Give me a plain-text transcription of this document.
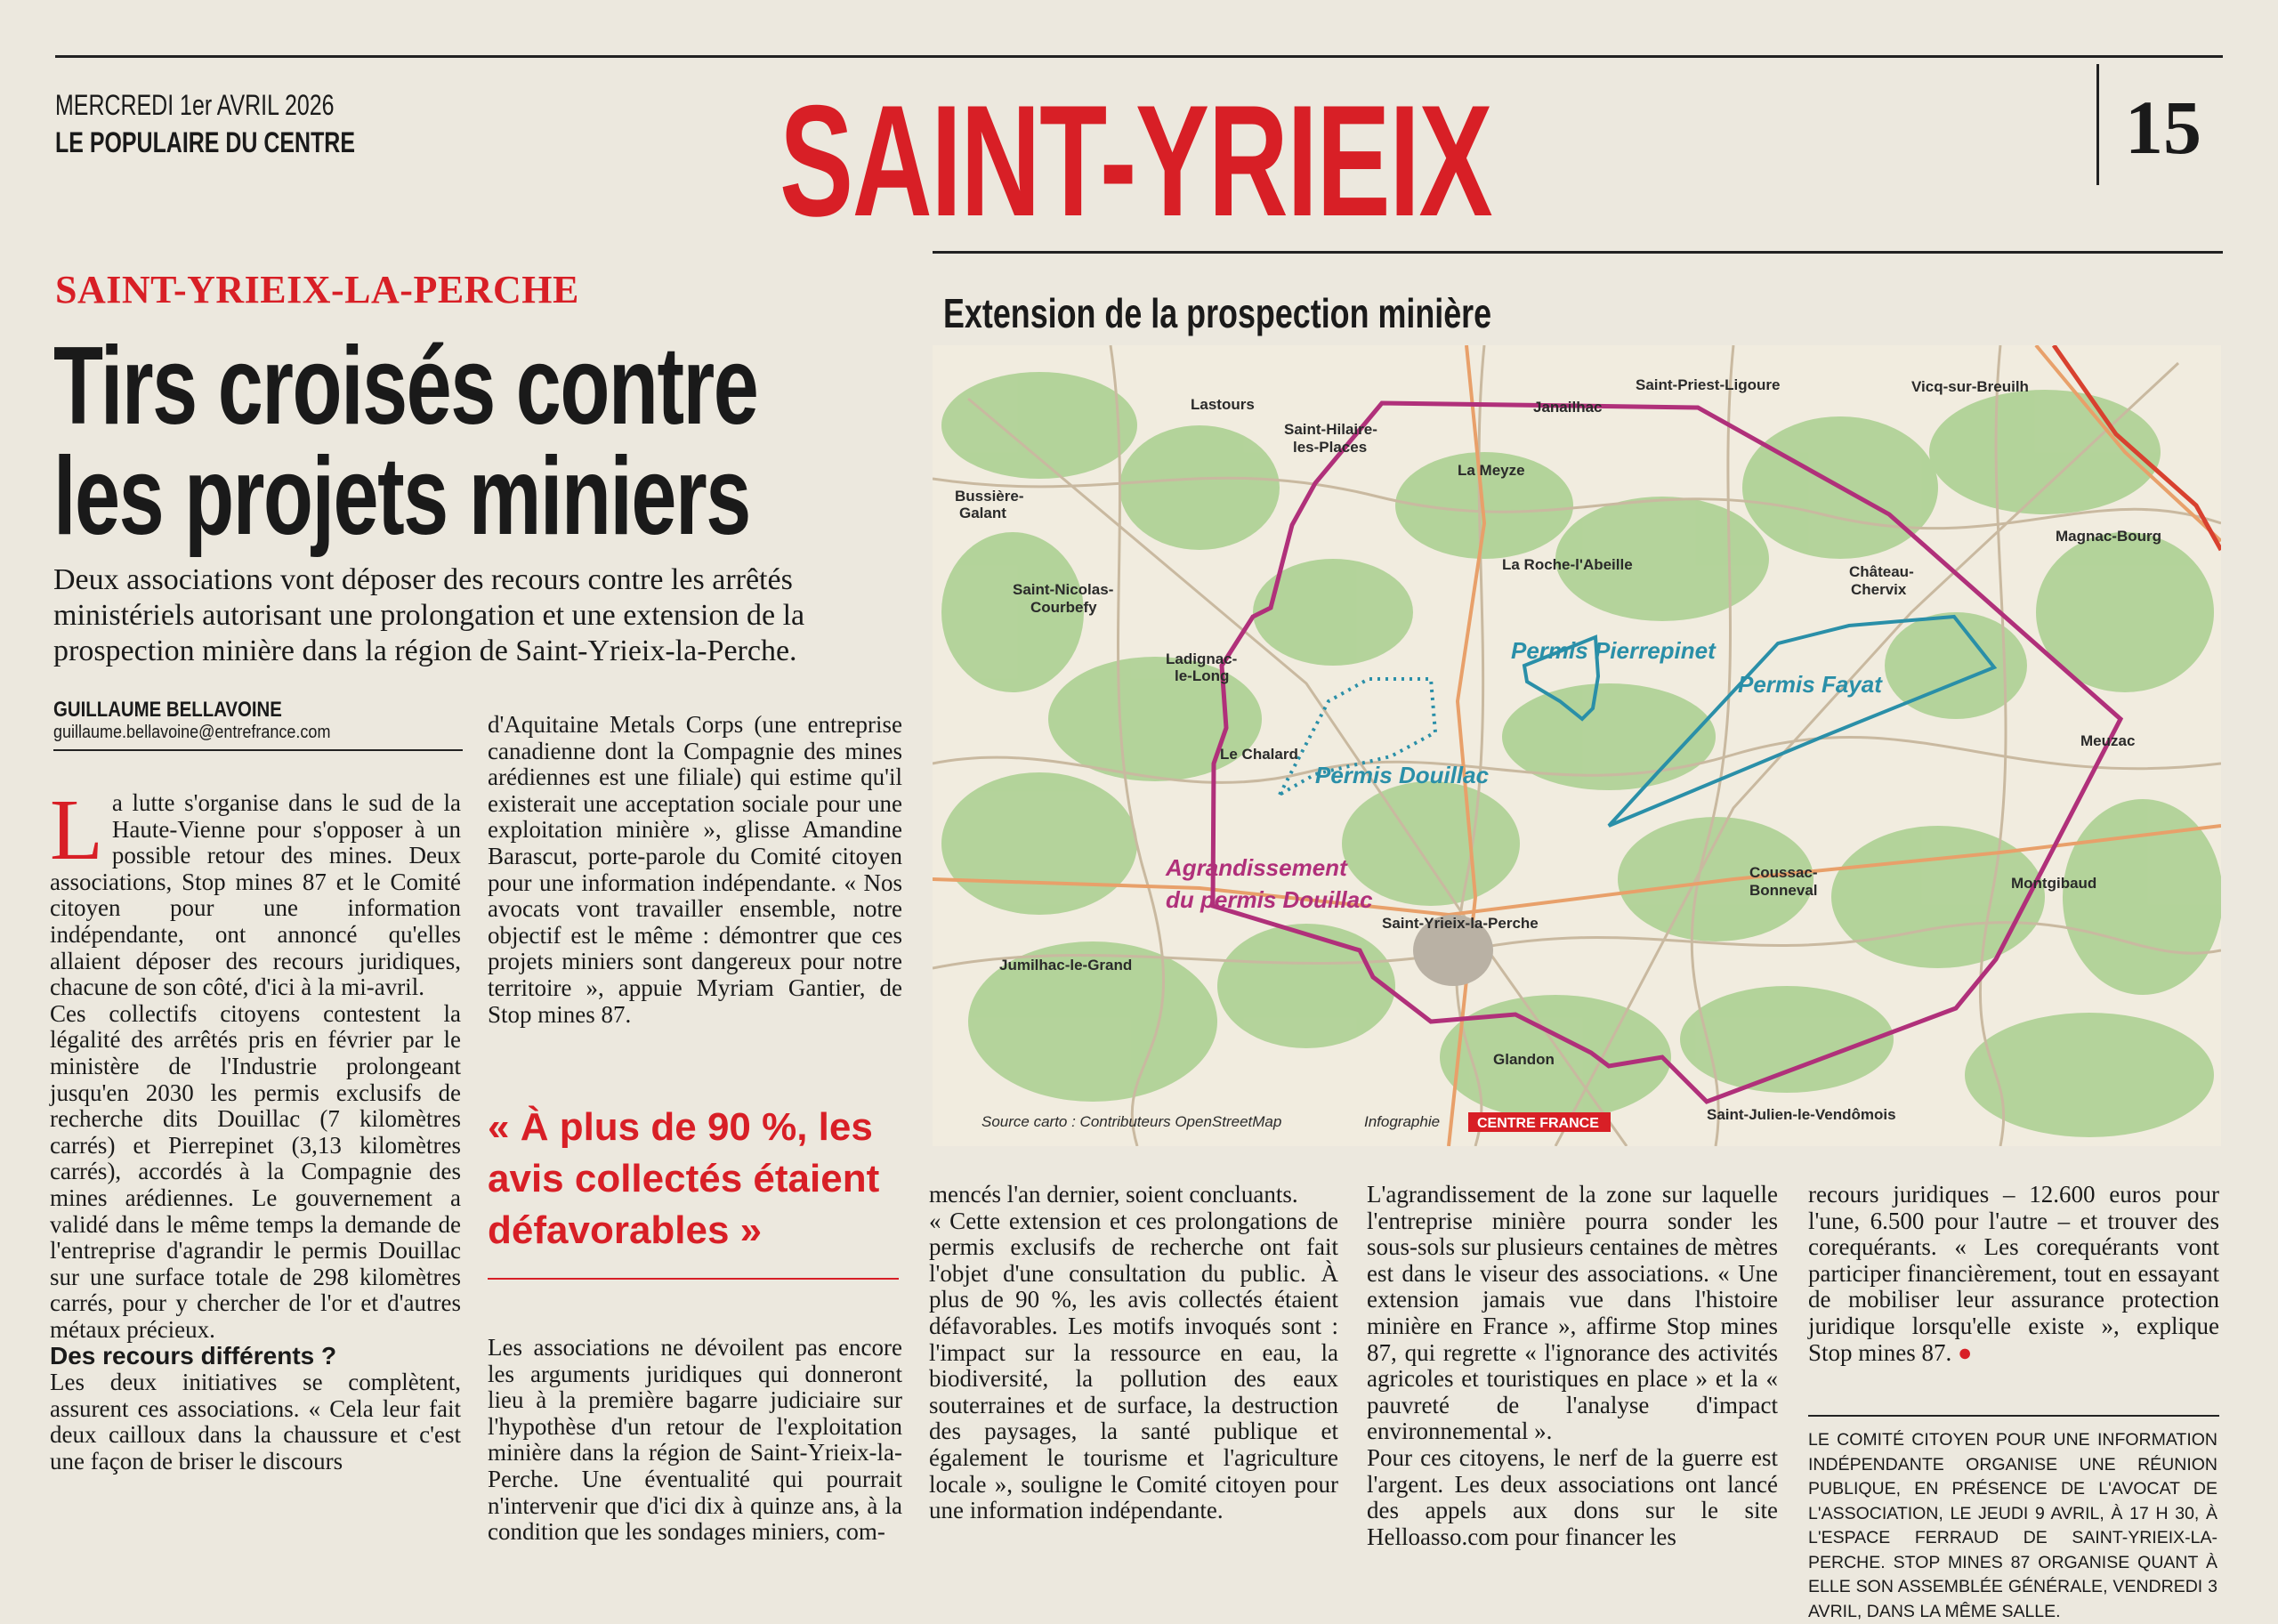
MERCREDI 1er AVRIL 2026
LE POPULAIRE DU CENTRE	SAINT-YRIEIX	15
SAINT-YRIEIX-LA-PERCHE
Tirs croisés contre
les projets miniers
Deux associations vont déposer des recours contre les arrêtés ministériels autorisant une prolongation et une extension de la prospection minière dans la région de Saint-Yrieix-la-Perche.
GUILLAUME BELLAVOINE
guillaume.bellavoine@entrefrance.com

La lutte s'organise dans le sud de la Haute-Vienne pour s'opposer à un possible retour des mines. Deux associations, Stop mines 87 et le Comité citoyen pour une information indépendante, ont annoncé qu'elles allaient déposer des recours juridiques, chacune de son côté, d'ici à la mi-avril.

Ces collectifs citoyens contestent la légalité des arrêtés pris en février par le ministère de l'Industrie prolongeant jusqu'en 2030 les permis exclusifs de recherche dits Douillac (7 kilomètres carrés) et Pierrepinet (3,13 kilomètres carrés), accordés à la Compagnie des mines arédiennes. Le gouvernement a validé dans le même temps la demande de l'entreprise d'agrandir le permis Douillac sur une surface totale de 298 kilomètres carrés, pour y chercher de l'or et d'autres métaux précieux.

Des recours différents ?

Les deux initiatives se complètent, assurent ces associations. « Cela leur fait deux cailloux dans la chaussure et c'est une façon de briser le discours

d'Aquitaine Metals Corps (une entreprise canadienne dont la Compagnie des mines arédiennes est une filiale) qui estime qu'il existerait une acceptation sociale pour une exploitation minière », glisse Amandine Barascut, porte-parole du Comité citoyen pour une information indépendante. « Nos avocats vont travailler ensemble, notre objectif est le même : démontrer que ces projets miniers sont dangereux pour notre territoire », appuie Myriam Gantier, de Stop mines 87.

« À plus de 90 %, les avis collectés étaient défavorables »

Les associations ne dévoilent pas encore les arguments juridiques qui donneront lieu à la première bagarre judiciaire sur l'hypothèse d'un retour de l'exploitation minière dans la région de Saint-Yrieix-la-Perche. Une éventualité qui pourrait n'intervenir que d'ici dix à quinze ans, à la condition que les sondages miniers, com-

Extension de la prospection minière
Lastours
Saint-Hilaire-
les-Places
Janailhac
Saint-Priest-Ligoure	Vicq-sur-Breuilh
Bussière-
Galant
La Meyze
Magnac-Bourg
Saint-Nicolas-
Courbefy
La Roche-l'Abeille	Château-
Chervix
Ladignac-
le-Long
Le Chalard
Meuzac
Coussac-
Bonneval	Montgibaud
Saint-Yrieix-la-Perche
Jumilhac-le-Grand
Glandon
Saint-Julien-le-Vendômois
Permis Pierrepinet
Permis Fayat
Permis Douillac
Agrandissement
du permis Douillac
Source carto : Contributeurs OpenStreetMap	Infographie	CENTRE FRANCE

mencés l'an dernier, soient concluants.

« Cette extension et ces prolongations de permis exclusifs de recherche ont fait l'objet d'une consultation du public. À plus de 90 %, les avis collectés étaient défavorables. Les motifs invoqués sont : l'impact sur la ressource en eau, la biodiversité, la pollution des eaux souterraines et de surface, la destruction des paysages, la santé publique et également le tourisme et l'agriculture locale », souligne le Comité citoyen pour une information indépendante.

L'agrandissement de la zone sur laquelle l'entreprise minière pourra sonder les sous-sols sur plusieurs centaines de mètres est dans le viseur des associations. « Une extension jamais vue dans l'histoire minière en France », affirme Stop mines 87, qui regrette « l'ignorance des activités agricoles et touristiques en place » et la « pauvreté de l'analyse d'impact environnemental ».

Pour ces citoyens, le nerf de la guerre est l'argent. Les deux associations ont lancé des appels aux dons sur le site Helloasso.com pour financer les

recours juridiques – 12.600 euros pour l'une, 6.500 pour l'autre – et trouver des corequérants. « Les corequérants vont participer financièrement, tout en essayant de mobiliser leur assurance protection juridique lorsqu'elle existe », explique Stop mines 87. ●

LE COMITÉ CITOYEN POUR UNE INFORMATION INDÉPENDANTE ORGANISE UNE RÉUNION PUBLIQUE, EN PRÉSENCE DE L'AVOCAT DE L'ASSOCIATION, LE JEUDI 9 AVRIL, À 17 H 30, À L'ESPACE FERRAUD DE SAINT-YRIEIX-LA-PERCHE. STOP MINES 87 ORGANISE QUANT À ELLE SON ASSEMBLÉE GÉNÉRALE, VENDREDI 3 AVRIL, DANS LA MÊME SALLE.
